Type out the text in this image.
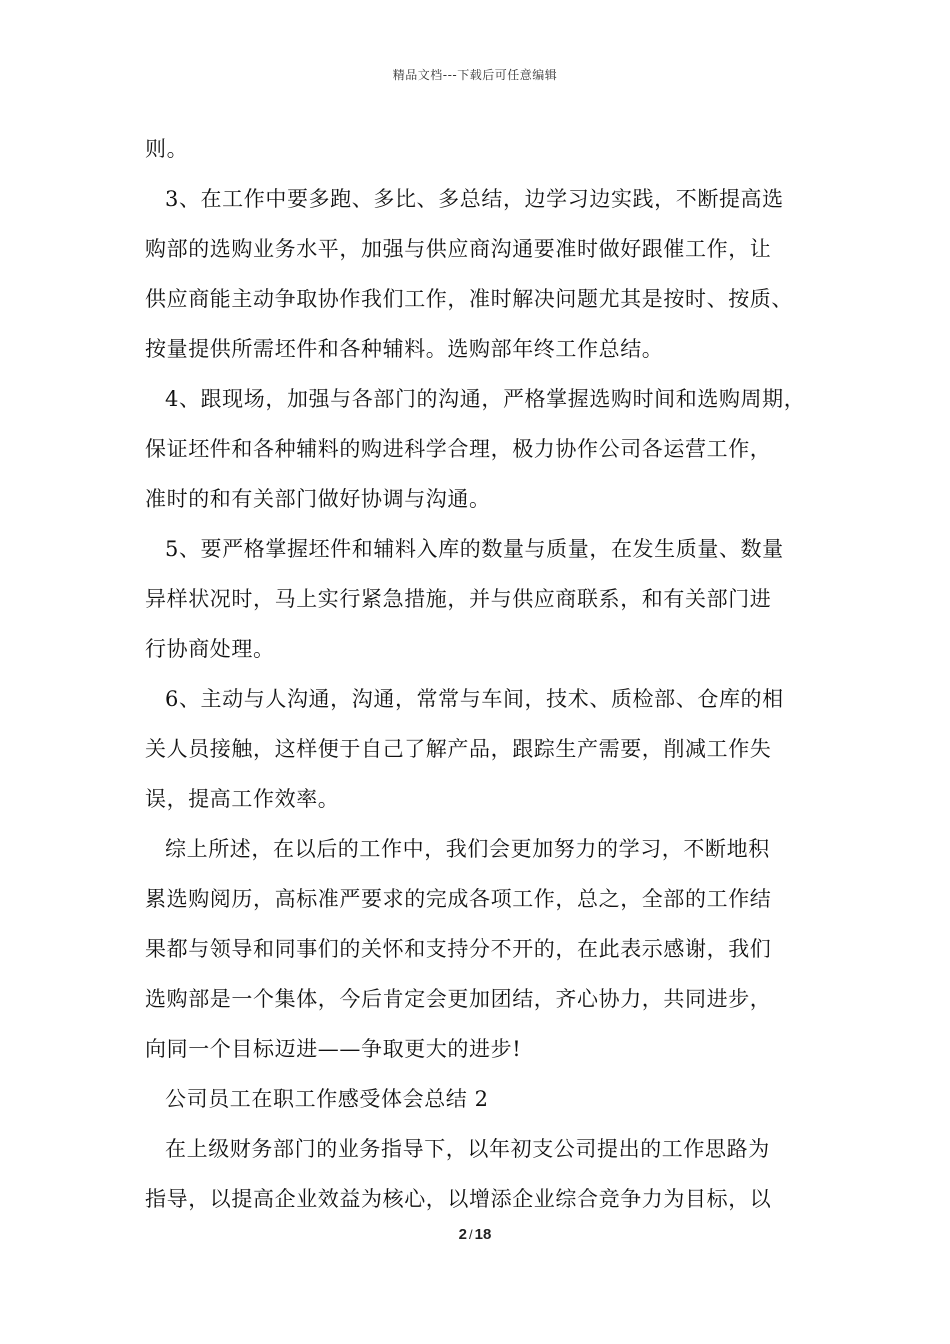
精品文档---下载后可任意编辑
则。
3、在工作中要多跑、多比、多总结，边学习边实践，不断提高选
购部的选购业务水平，加强与供应商沟通要准时做好跟催工作，让
供应商能主动争取协作我们工作，准时解决问题尤其是按时、按质、
按量提供所需坯件和各种辅料。选购部年终工作总结。
4、跟现场，加强与各部门的沟通，严格掌握选购时间和选购周期，
保证坯件和各种辅料的购进科学合理，极力协作公司各运营工作，
准时的和有关部门做好协调与沟通。
5、要严格掌握坯件和辅料入库的数量与质量，在发生质量、数量
异样状况时，马上实行紧急措施，并与供应商联系，和有关部门进
行协商处理。
6、主动与人沟通，沟通，常常与车间，技术、质检部、仓库的相
关人员接触，这样便于自己了解产品，跟踪生产需要，削减工作失
误，提高工作效率。
综上所述，在以后的工作中，我们会更加努力的学习，不断地积
累选购阅历，高标准严要求的完成各项工作，总之，全部的工作结
果都与领导和同事们的关怀和支持分不开的，在此表示感谢，我们
选购部是一个集体，今后肯定会更加团结，齐心协力，共同进步，
向同一个目标迈进——争取更大的进步!
公司员工在职工作感受体会总结 2
在上级财务部门的业务指导下，以年初支公司提出的工作思路为
指导，以提高企业效益为核心，以增添企业综合竞争力为目标，以
2 / 18
